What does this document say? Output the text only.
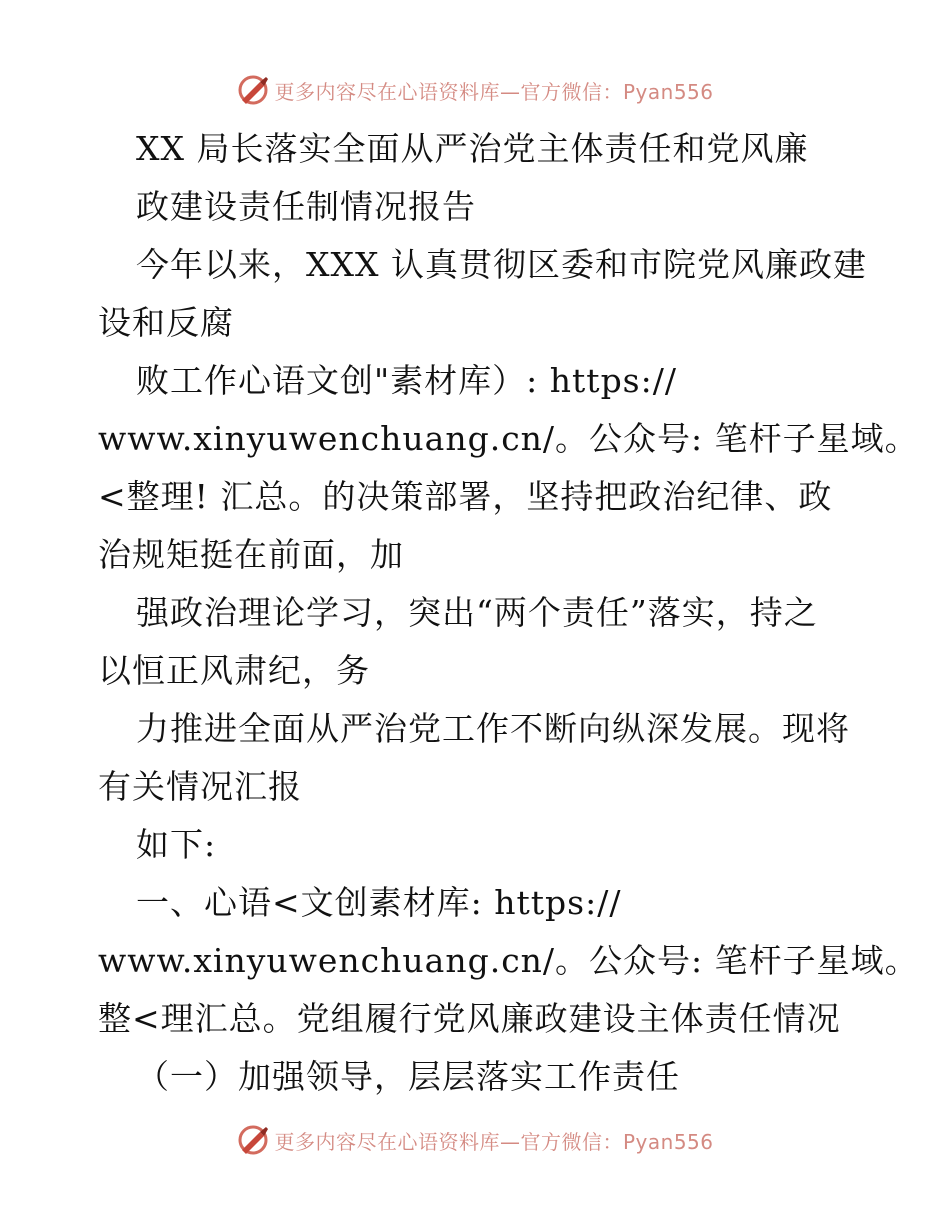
更多内容尽在心语资料库—官方微信：Pyan556
XX 局长落实全面从严治党主体责任和党风廉
政建设责任制情况报告
今年以来，XXX 认真贯彻区委和市院党风廉政建
设和反腐
败工作心语文创"素材库）: https://
www.xinyuwenchuang.cn/。公众号: 笔杆子星域。
<整理! 汇总。的决策部署，坚持把政治纪律、政
治规矩挺在前面，加
强政治理论学习，突出“两个责任”落实，持之
以恒正风肃纪，务
力推进全面从严治党工作不断向纵深发展。现将
有关情况汇报
如下:
一、心语<文创素材库: https://
www.xinyuwenchuang.cn/。公众号: 笔杆子星域。
整<理汇总。党组履行党风廉政建设主体责任情况
（一）加强领导，层层落实工作责任
更多内容尽在心语资料库—官方微信：Pyan556
